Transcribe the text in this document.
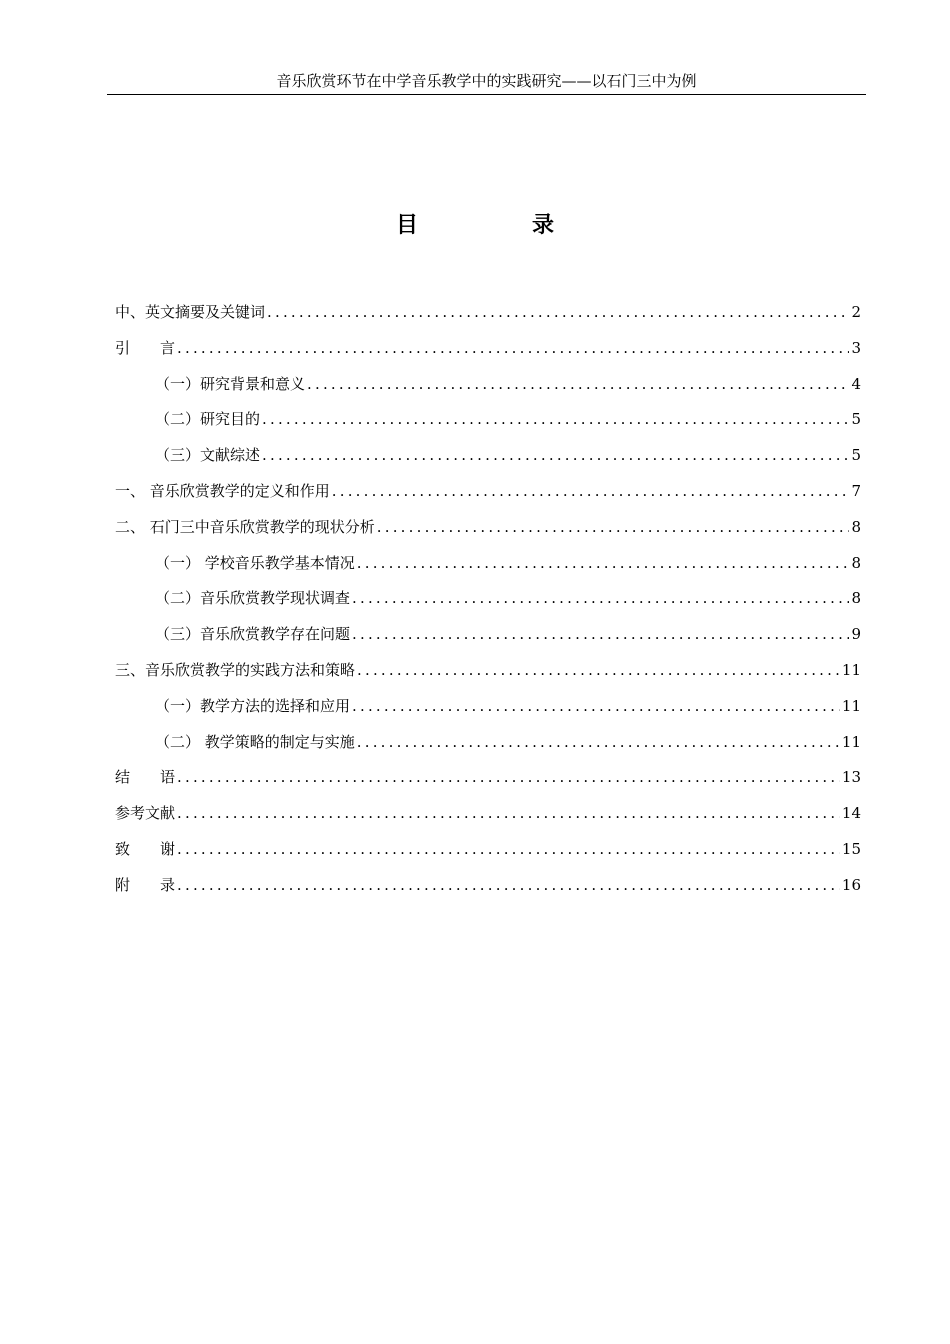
音乐欣赏环节在中学音乐教学中的实践研究——以石门三中为例
目　录
中、英文摘要及关键词 .....	2
引　　言 .....	3
（一）研究背景和意义 .....	4
（二）研究目的 .....	5
（三）文献综述 .....	5
一、 音乐欣赏教学的定义和作用 .....	7
二、 石门三中音乐欣赏教学的现状分析 .....	8
（一） 学校音乐教学基本情况 .....	8
（二）音乐欣赏教学现状调查 .....	8
（三）音乐欣赏教学存在问题 .....	9
三、音乐欣赏教学的实践方法和策略 .....	11
（一）教学方法的选择和应用 .....	11
（二） 教学策略的制定与实施 .....	11
结　　语 .....	13
参考文献 .....	14
致　　谢 .....	15
附　　录 .....	16
